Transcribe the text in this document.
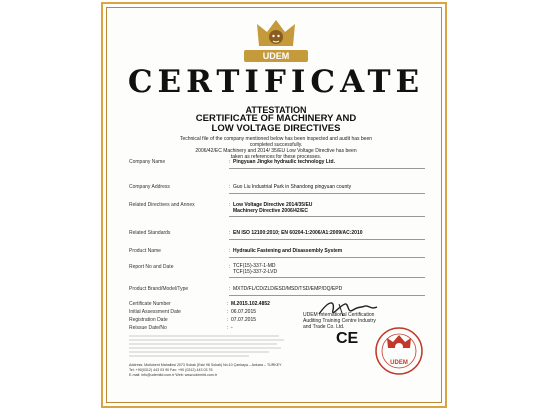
UDEM
CERTIFICATE
ATTESTATION
CERTIFICATE OF MACHINERY AND
LOW VOLTAGE DIRECTIVES
Technical file of the company mentioned below has been inspected and audit has been
completed successfully.
2006/42/EC Machinery and 2014/ 35/EU Low Voltage Directive has been
taken as references for these processes.
Company Name	: Pingyuan Jingke hydraulic technology Ltd.
Company Address	: Guo Liu Industrial Park in Shandong pingyuan county
Related Directives and Annex	: Low Voltage Directive 2014/35/EU
Machinery Directive 2006/42/EC
Related Standards	: EN ISO 12100:2010; EN 60204-1:2006/A1:2009/AC:2010
Product Name	: Hydraulic Fastening and Disassembly System
Report No and Date	: TCF(15)-337-1-MD
TCF(15)-337-2-LVD
Product Brand/Model/Type	: MXTD/FL/CD/ZLD/ESD/MSD/TSD/EMP/DQ/EPD
Certificate Number	: M.2015.102.4852
Initial Assessment Date	: 06.07.2015
Registration Date	: 07.07.2015
Reissue Date/No	: -
UDEM International Certification
Auditing Training Centre Industry
and Trade Co. Ltd.
CE
UDEM
Address: Mutlukent Mahallesi 2073 Sokak (Eski 98 Sokak) No:10 Çankaya – Ankara – TURKEY
Tel: +90(0312) 443 03 90 Fax: +90 (0312) 443 03 76
E-mail: info@udemitd.com.tr Web: www.udemitd.com.tr
